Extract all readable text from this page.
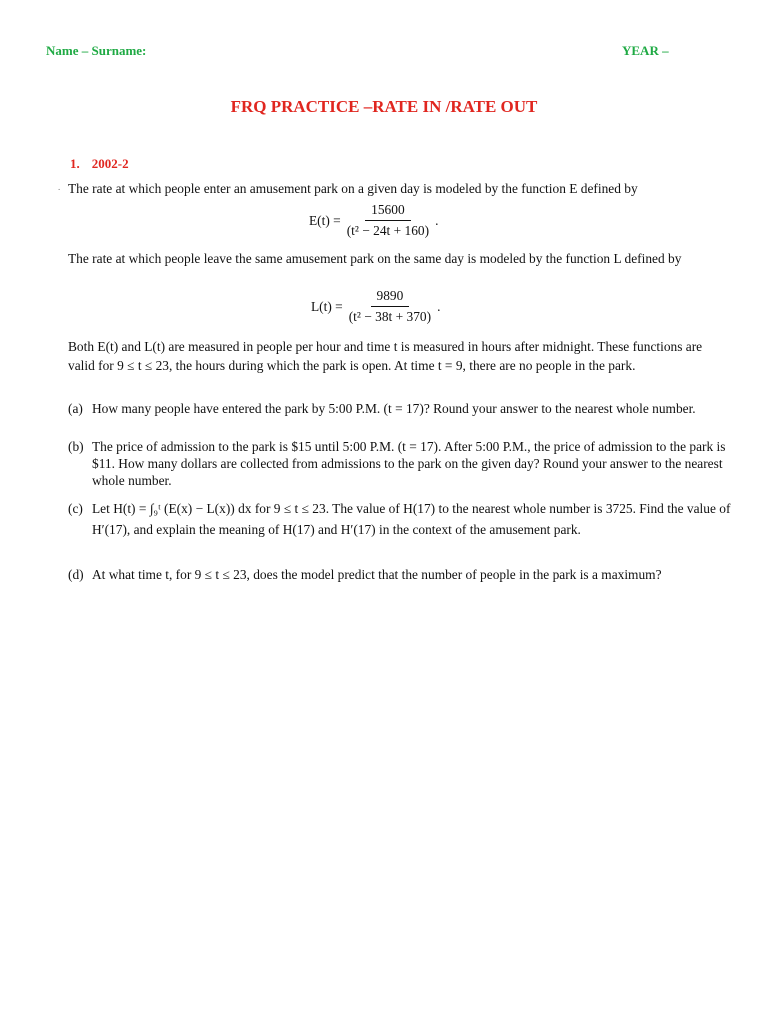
Name – Surname:	YEAR –
FRQ PRACTICE –RATE IN /RATE OUT
1. 2002-2
. The rate at which people enter an amusement park on a given day is modeled by the function E defined by
$E(t) = \frac{15600}{\text{(t² − 24t + 160)}}$ .
The rate at which people leave the same amusement park on the same day is modeled by the function L defined by
$L(t) = \frac{9890}{\text{(t² − 38t + 370)}}$ .
Both E(t) and L(t) are measured in people per hour and time t is measured in hours after midnight. These functions are valid for 9 ≤ t ≤ 23, the hours during which the park is open. At time t = 9, there are no people in the park.
(a) How many people have entered the park by 5:00 P.M. (t = 17)? Round your answer to the nearest whole number.
(b) The price of admission to the park is $15 until 5:00 P.M. (t = 17). After 5:00 P.M., the price of admission to the park is $11. How many dollars are collected from admissions to the park on the given day? Round your answer to the nearest whole number.
(c) Let H(t) = ∫₉ᵗ (E(x) − L(x)) dx for 9 ≤ t ≤ 23. The value of H(17) to the nearest whole number is 3725. Find the value of H′(17), and explain the meaning of H(17) and H′(17) in the context of the amusement park.
(d) At what time t, for 9 ≤ t ≤ 23, does the model predict that the number of people in the park is a maximum?
